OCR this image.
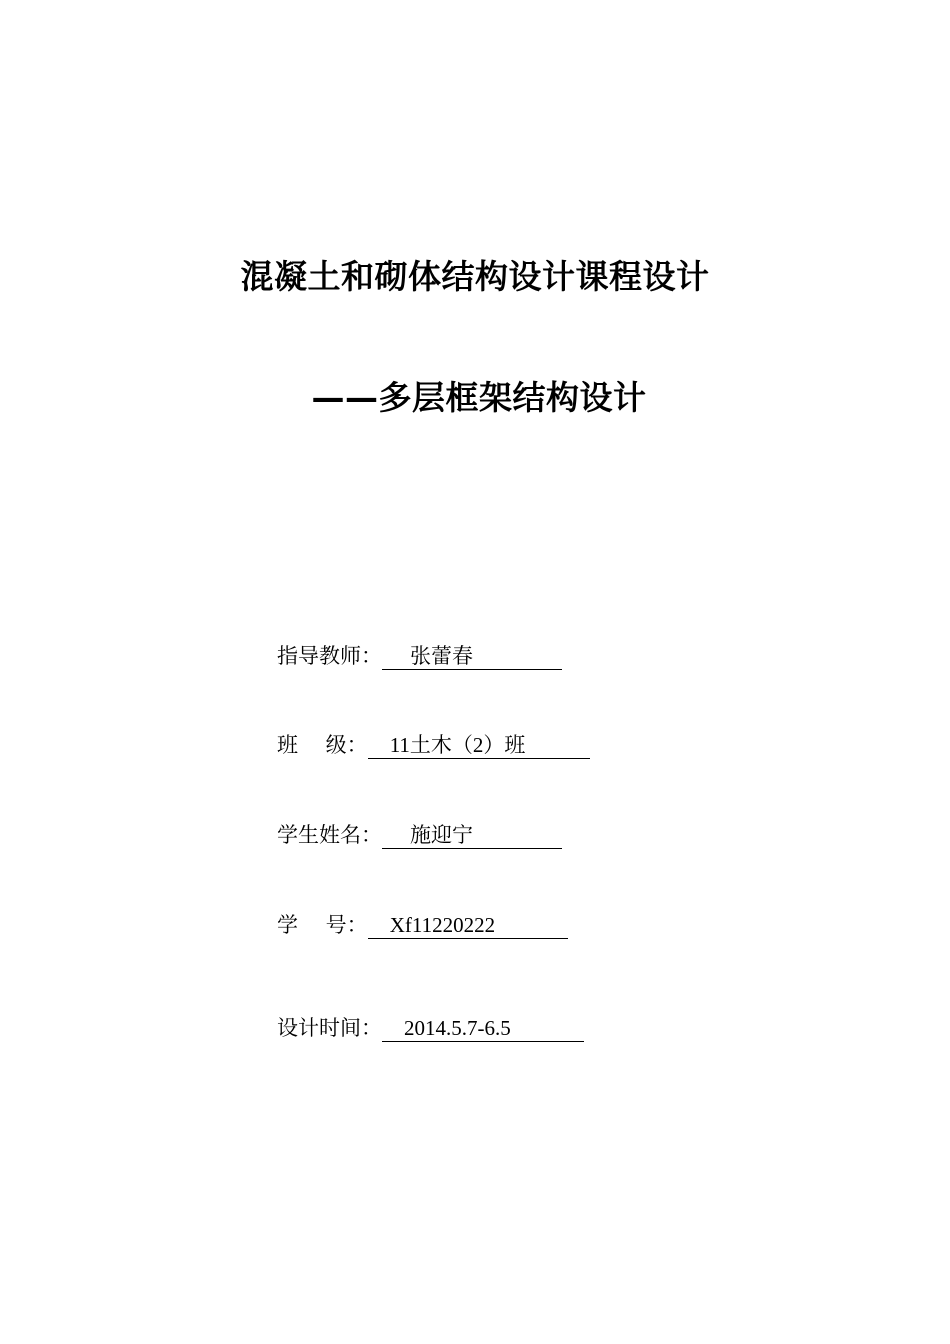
混凝土和砌体结构设计课程设计
——多层框架结构设计
指导教师：	张蕾春
班　 级：	11土木（2）班
学生姓名：	施迎宁
学　 号：	Xf11220222
设计时间：	2014.5.7-6.5
